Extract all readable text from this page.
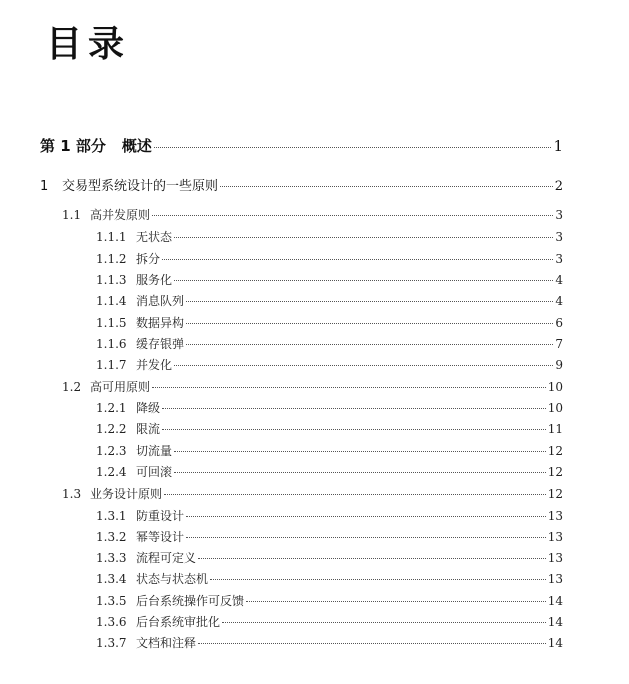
目录
第 1 部分 概述	1
1	交易型系统设计的一些原则	2
1.1 高并发原则	3
1.1.1 无状态	3
1.1.2 拆分	3
1.1.3 服务化	4
1.1.4 消息队列	4
1.1.5 数据异构	6
1.1.6 缓存银弹	7
1.1.7 并发化	9
1.2 高可用原则	10
1.2.1 降级	10
1.2.2 限流	11
1.2.3 切流量	12
1.2.4 可回滚	12
1.3 业务设计原则	12
1.3.1 防重设计	13
1.3.2 幂等设计	13
1.3.3 流程可定义	13
1.3.4 状态与状态机	13
1.3.5 后台系统操作可反馈	14
1.3.6 后台系统审批化	14
1.3.7 文档和注释	14
